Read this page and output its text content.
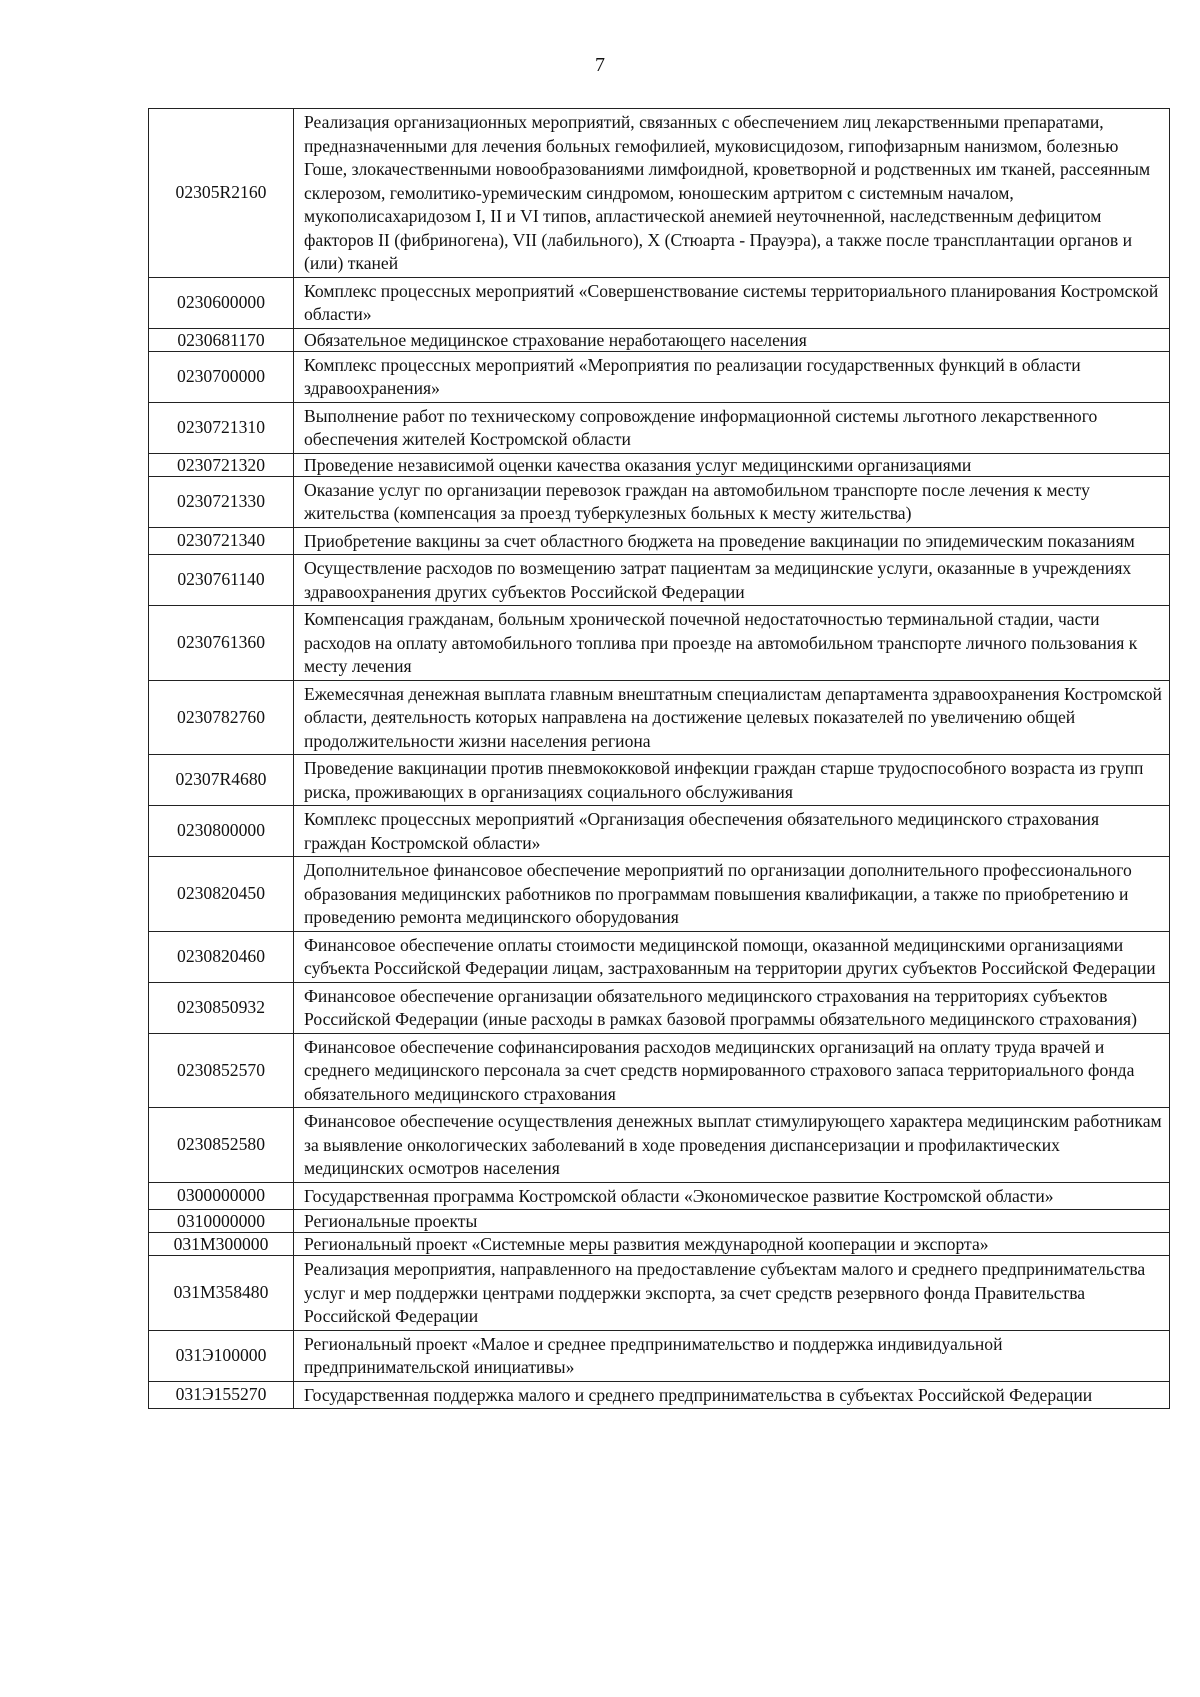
7
02305R2160	Реализация организационных мероприятий, связанных с обеспечением лиц лекарственными препаратами, предназначенными для лечения больных гемофилией, муковисцидозом, гипофизарным нанизмом, болезнью Гоше, злокачественными новообразованиями лимфоидной, кроветворной и родственных им тканей, рассеянным склерозом, гемолитико-уремическим синдромом, юношеским артритом с системным началом, мукополисахаридозом I, II и VI типов, апластической анемией неуточненной, наследственным дефицитом факторов II (фибриногена), VII (лабильного), X (Стюарта - Прауэра), а также после трансплантации органов и (или) тканей
0230600000	Комплекс процессных мероприятий «Совершенствование системы территориального планирования Костромской области»
0230681170	Обязательное медицинское страхование неработающего населения
0230700000	Комплекс процессных мероприятий «Мероприятия по реализации государственных функций в области здравоохранения»
0230721310	Выполнение работ по техническому сопровождение информационной системы льготного лекарственного обеспечения жителей Костромской области
0230721320	Проведение независимой оценки качества оказания услуг медицинскими организациями
0230721330	Оказание услуг по организации перевозок граждан на автомобильном транспорте после лечения к месту жительства (компенсация за проезд туберкулезных больных к месту жительства)
0230721340	Приобретение вакцины за счет областного бюджета на проведение вакцинации по эпидемическим показаниям
0230761140	Осуществление расходов по возмещению затрат пациентам за медицинские услуги, оказанные в учреждениях здравоохранения других субъектов Российской Федерации
0230761360	Компенсация гражданам, больным хронической почечной недостаточностью терминальной стадии, части расходов на оплату автомобильного топлива при проезде на автомобильном транспорте личного пользования к месту лечения
0230782760	Ежемесячная денежная выплата главным внештатным специалистам департамента здравоохранения Костромской области, деятельность которых направлена на достижение целевых показателей по увеличению общей продолжительности жизни населения региона
02307R4680	Проведение вакцинации против пневмококковой инфекции граждан старше трудоспособного возраста из групп риска, проживающих в организациях социального обслуживания
0230800000	Комплекс процессных мероприятий «Организация обеспечения обязательного медицинского страхования граждан Костромской области»
0230820450	Дополнительное финансовое обеспечение мероприятий по организации дополнительного профессионального образования медицинских работников по программам повышения квалификации, а также по приобретению и проведению ремонта медицинского оборудования
0230820460	Финансовое обеспечение оплаты стоимости медицинской помощи, оказанной медицинскими организациями субъекта Российской Федерации лицам, застрахованным на территории других субъектов Российской Федерации
0230850932	Финансовое обеспечение организации обязательного медицинского страхования на территориях субъектов Российской Федерации (иные расходы в рамках базовой программы обязательного медицинского страхования)
0230852570	Финансовое обеспечение софинансирования расходов медицинских организаций на оплату труда врачей и среднего медицинского персонала за счет средств нормированного страхового запаса территориального фонда обязательного медицинского страхования
0230852580	Финансовое обеспечение осуществления денежных выплат стимулирующего характера медицинским работникам за выявление онкологических заболеваний в ходе проведения диспансеризации и профилактических медицинских осмотров населения
0300000000	Государственная программа Костромской области «Экономическое развитие Костромской области»
0310000000	Региональные проекты
031M300000	Региональный проект «Системные меры развития международной кооперации и экспорта»
031M358480	Реализация мероприятия, направленного на предоставление субъектам малого и среднего предпринимательства услуг и мер поддержки центрами поддержки экспорта, за счет средств резервного фонда Правительства Российской Федерации
031Э100000	Региональный проект «Малое и среднее предпринимательство и поддержка индивидуальной предпринимательской инициативы»
031Э155270	Государственная поддержка малого и среднего предпринимательства в субъектах Российской Федерации
